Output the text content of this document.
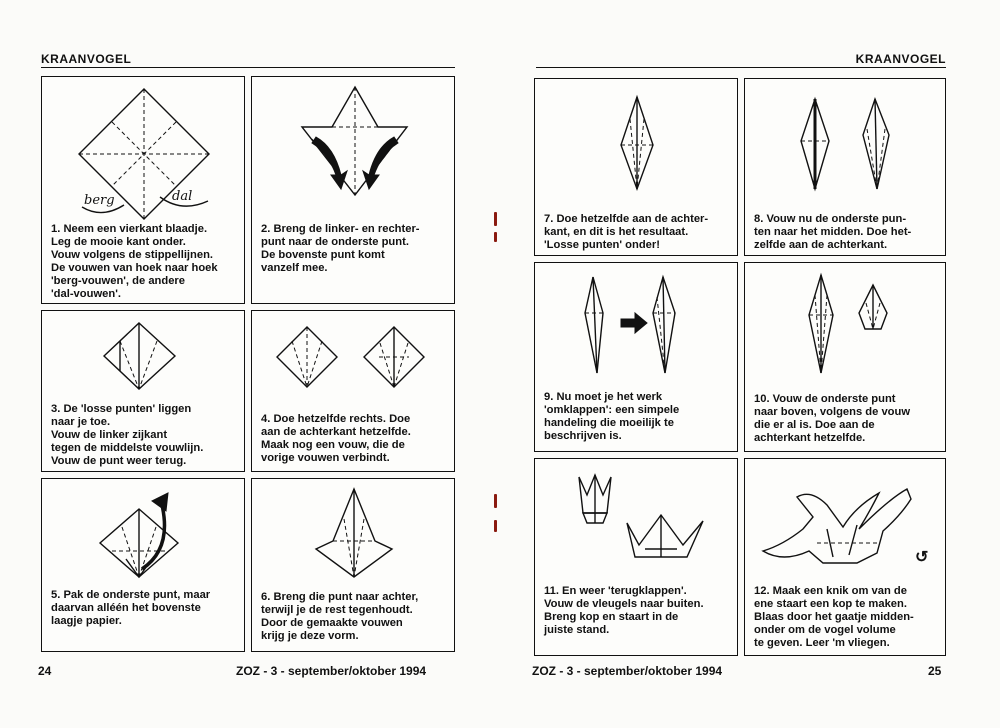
KRAANVOGEL
berg	dal
1. Neem een vierkant blaadje.
Leg de mooie kant onder.
Vouw volgens de stippellijnen.
De vouwen van hoek naar hoek
'berg-vouwen', de andere
'dal-vouwen'.
2. Breng de linker- en rechter-
punt naar de onderste punt.
De bovenste punt komt
vanzelf mee.
3. De 'losse punten' liggen
naar je toe.
Vouw de linker zijkant
tegen de middelste vouwlijn.
Vouw de punt weer terug.
4. Doe hetzelfde rechts. Doe
aan de achterkant hetzelfde.
Maak nog een vouw, die de
vorige vouwen verbindt.
5. Pak de onderste punt, maar
daarvan alléén het bovenste
laagje papier.
6. Breng die punt naar achter,
terwijl je de rest tegenhoudt.
Door de gemaakte vouwen
krijg je deze vorm.
24	ZOZ - 3 - september/oktober 1994
KRAANVOGEL
7. Doe hetzelfde aan de achter-
kant, en dit is het resultaat.
'Losse punten' onder!
8. Vouw nu de onderste pun-
ten naar het midden. Doe het-
zelfde aan de achterkant.
9. Nu moet je het werk
'omklappen': een simpele
handeling die moeilijk te
beschrijven is.
10. Vouw de onderste punt
naar boven, volgens de vouw
die er al is. Doe aan de
achterkant hetzelfde.
11. En weer 'terugklappen'.
Vouw de vleugels naar buiten.
Breng kop en staart in de
juiste stand.
↺
12. Maak een knik om van de
ene staart een kop te maken.
Blaas door het gaatje midden-
onder om de vogel volume
te geven. Leer 'm vliegen.
ZOZ - 3 - september/oktober 1994	25
